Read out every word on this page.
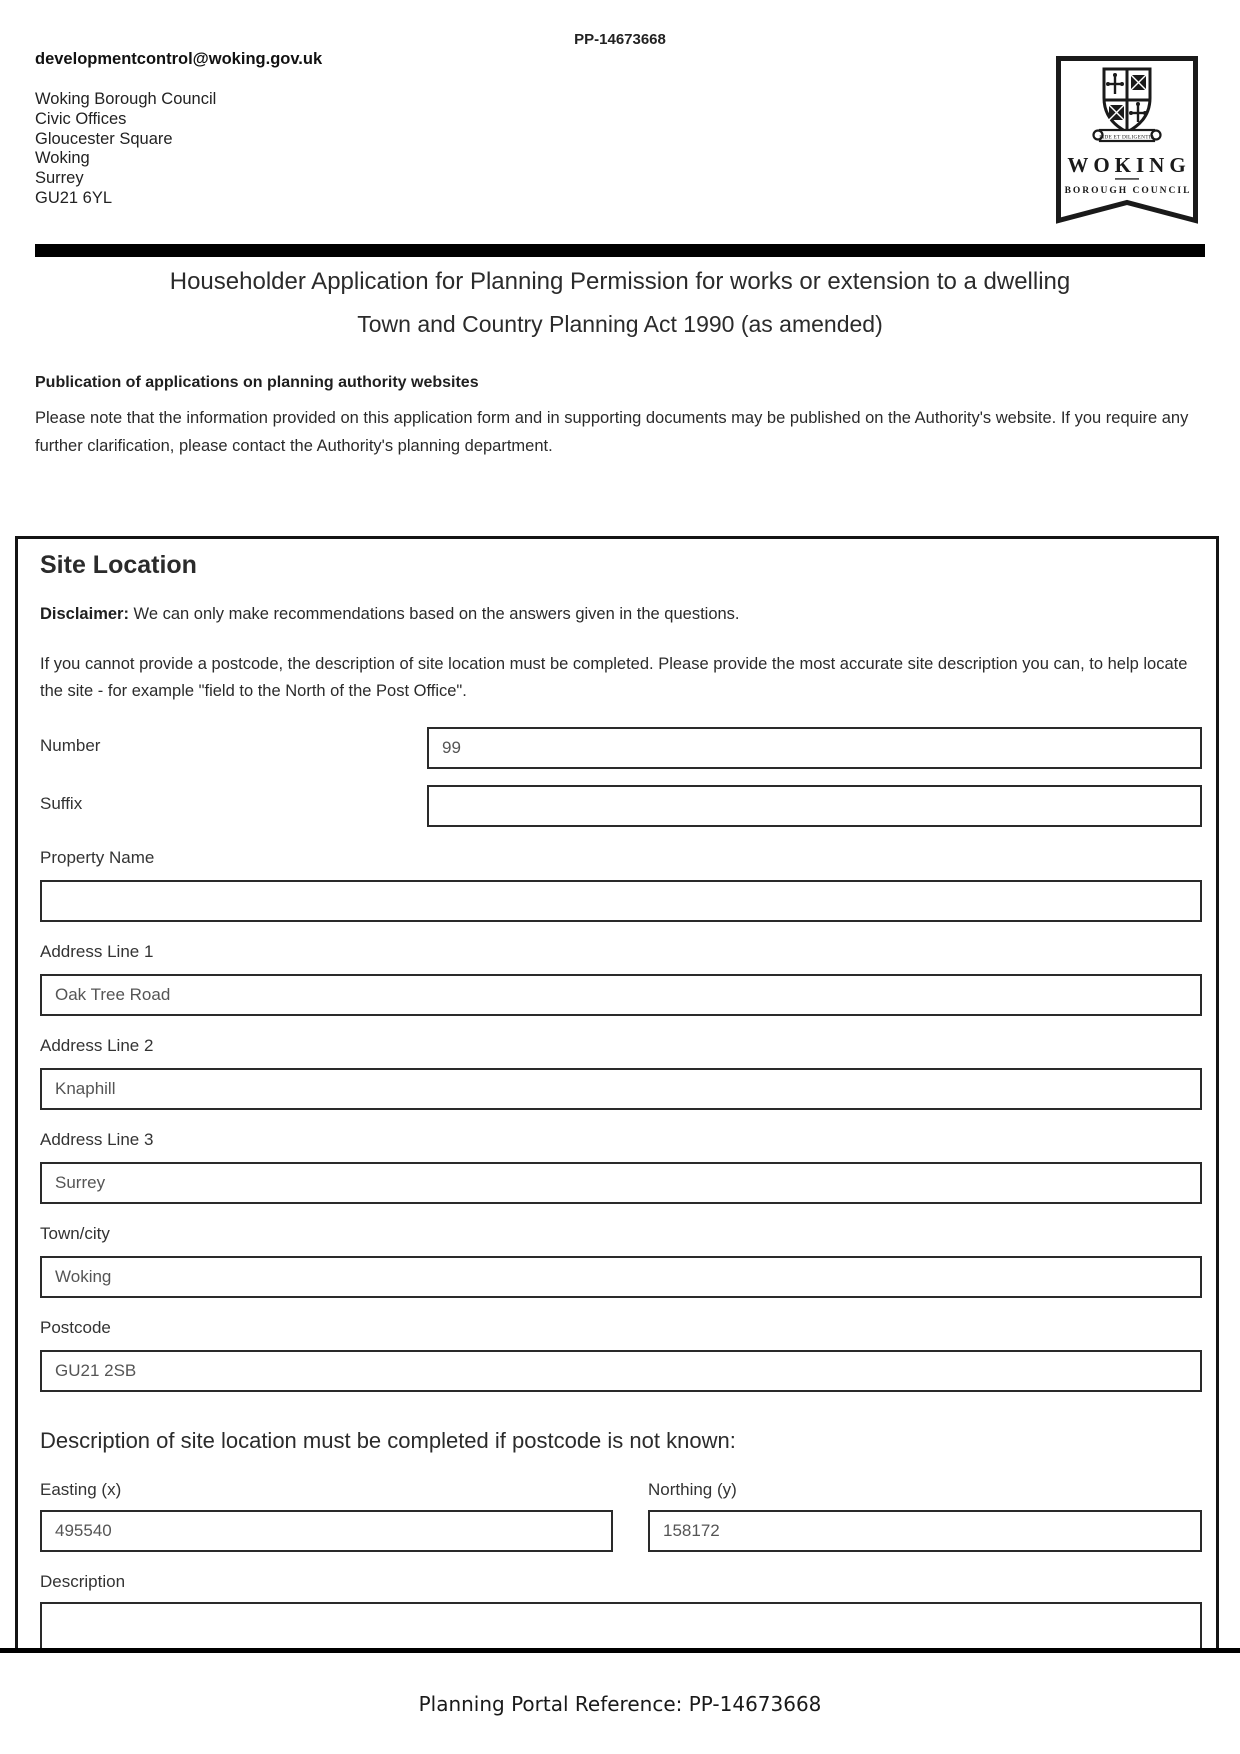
PP-14673668
developmentcontrol@woking.gov.uk
Woking Borough Council
Civic Offices
Gloucester Square
Woking
Surrey
GU21 6YL
FIDE ET DILIGENTIA
WOKING
BOROUGH COUNCIL
Householder Application for Planning Permission for works or extension to a dwelling
Town and Country Planning Act 1990 (as amended)
Publication of applications on planning authority websites
Please note that the information provided on this application form and in supporting documents may be published on the Authority's website. If you require any further clarification, please contact the Authority's planning department.
Site Location
Disclaimer: We can only make recommendations based on the answers given in the questions.
If you cannot provide a postcode, the description of site location must be completed. Please provide the most accurate site description you can, to help locate the site - for example "field to the North of the Post Office".
Number
99
Suffix
Property Name
Address Line 1
Oak Tree Road
Address Line 2
Knaphill
Address Line 3
Surrey
Town/city
Woking
Postcode
GU21 2SB
Description of site location must be completed if postcode is not known:
Easting (x)	Northing (y)
495540
158172
Description
Planning Portal Reference: PP-14673668
